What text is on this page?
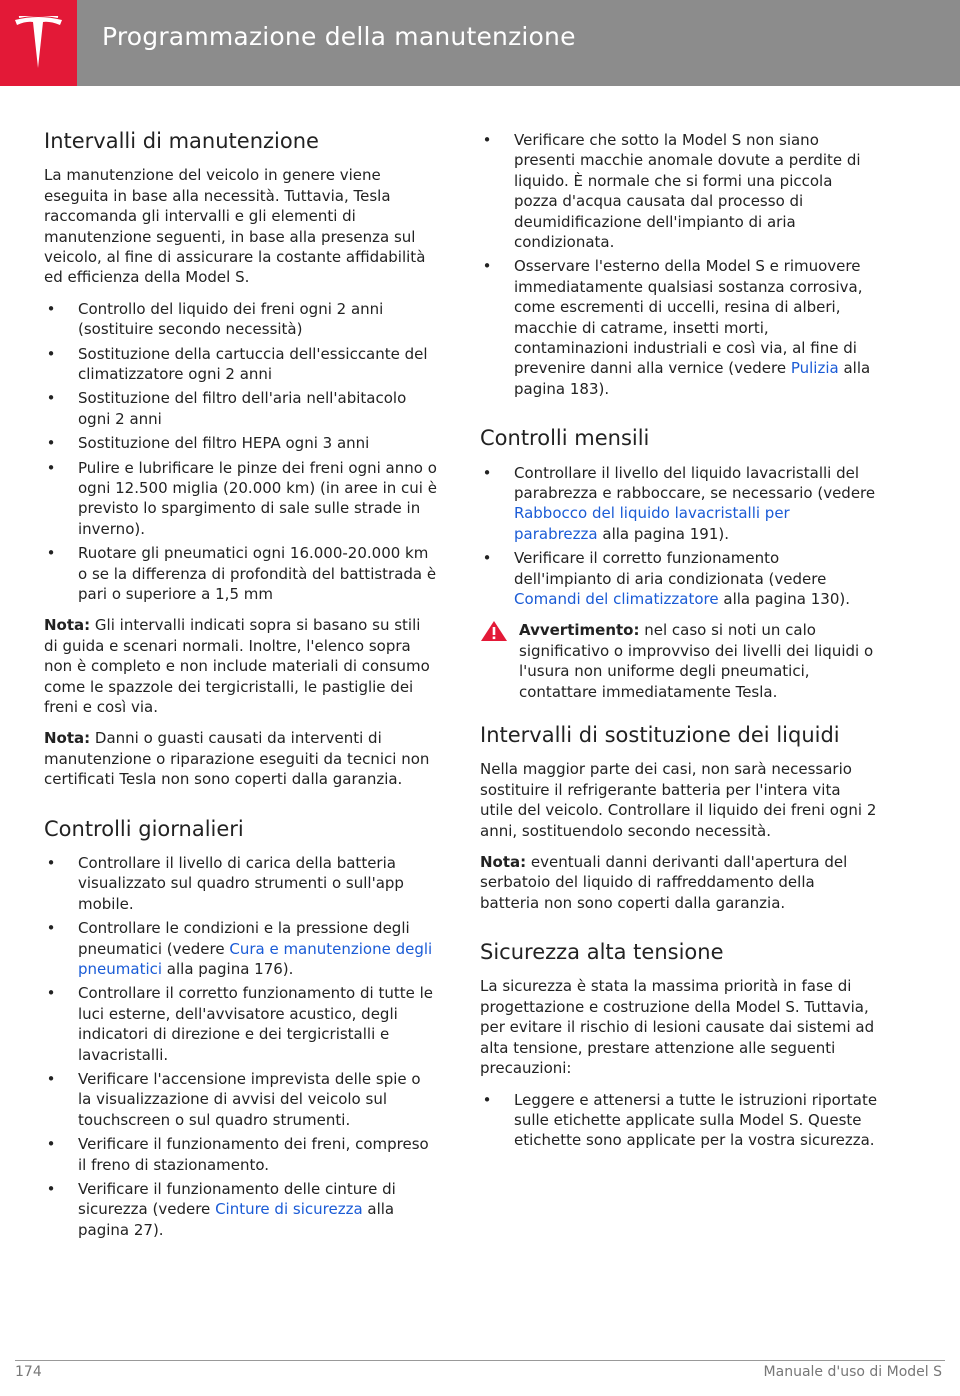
Programmazione della manutenzione
Intervalli di manutenzione

La manutenzione del veicolo in genere viene eseguita in base alla necessità. Tuttavia, Tesla raccomanda gli intervalli e gli elementi di manutenzione seguenti, in base alla presenza sul veicolo, al fine di assicurare la costante affidabilità ed efficienza della Model S.

• Controllo del liquido dei freni ogni 2 anni (sostituire secondo necessità)
• Sostituzione della cartuccia dell'essiccante del climatizzatore ogni 2 anni
• Sostituzione del filtro dell'aria nell'abitacolo ogni 2 anni
• Sostituzione del filtro HEPA ogni 3 anni
• Pulire e lubrificare le pinze dei freni ogni anno o ogni 12.500 miglia (20.000 km) (in aree in cui è previsto lo spargimento di sale sulle strade in inverno).
• Ruotare gli pneumatici ogni 16.000-20.000 km o se la differenza di profondità del battistrada è pari o superiore a 1,5 mm

Nota: Gli intervalli indicati sopra si basano su stili di guida e scenari normali. Inoltre, l'elenco sopra non è completo e non include materiali di consumo come le spazzole dei tergicristalli, le pastiglie dei freni e così via.

Nota: Danni o guasti causati da interventi di manutenzione o riparazione eseguiti da tecnici non certificati Tesla non sono coperti dalla garanzia.

Controlli giornalieri
• Controllare il livello di carica della batteria visualizzato sul quadro strumenti o sull'app mobile.
• Controllare le condizioni e la pressione degli pneumatici (vedere Cura e manutenzione degli pneumatici alla pagina 176).
• Controllare il corretto funzionamento di tutte le luci esterne, dell'avvisatore acustico, degli indicatori di direzione e dei tergicristalli e lavacristalli.
• Verificare l'accensione imprevista delle spie o la visualizzazione di avvisi del veicolo sul touchscreen o sul quadro strumenti.
• Verificare il funzionamento dei freni, compreso il freno di stazionamento.
• Verificare il funzionamento delle cinture di sicurezza (vedere Cinture di sicurezza alla pagina 27).
• Verificare che sotto la Model S non siano presenti macchie anomale dovute a perdite di liquido. È normale che si formi una piccola pozza d'acqua causata dal processo di deumidificazione dell'impianto di aria condizionata.
• Osservare l'esterno della Model S e rimuovere immediatamente qualsiasi sostanza corrosiva, come escrementi di uccelli, resina di alberi, macchie di catrame, insetti morti, contaminazioni industriali e così via, al fine di prevenire danni alla vernice (vedere Pulizia alla pagina 183).
Controlli mensili
• Controllare il livello del liquido lavacristalli del parabrezza e rabboccare, se necessario (vedere Rabbocco del liquido lavacristalli per parabrezza alla pagina 191).
• Verificare il corretto funzionamento dell'impianto di aria condizionata (vedere Comandi del climatizzatore alla pagina 130).
Avvertimento: nel caso si noti un calo significativo o improvviso dei livelli dei liquidi o l'usura non uniforme degli pneumatici, contattare immediatamente Tesla.
Intervalli di sostituzione dei liquidi

Nella maggior parte dei casi, non sarà necessario sostituire il refrigerante batteria per l'intera vita utile del veicolo. Controllare il liquido dei freni ogni 2 anni, sostituendolo secondo necessità.

Nota: eventuali danni derivanti dall'apertura del serbatoio del liquido di raffreddamento della batteria non sono coperti dalla garanzia.

Sicurezza alta tensione

La sicurezza è stata la massima priorità in fase di progettazione e costruzione della Model S. Tuttavia, per evitare il rischio di lesioni causate dai sistemi ad alta tensione, prestare attenzione alle seguenti precauzioni:

• Leggere e attenersi a tutte le istruzioni riportate sulle etichette applicate sulla Model S. Queste etichette sono applicate per la vostra sicurezza.
174	Manuale d'uso di Model S
